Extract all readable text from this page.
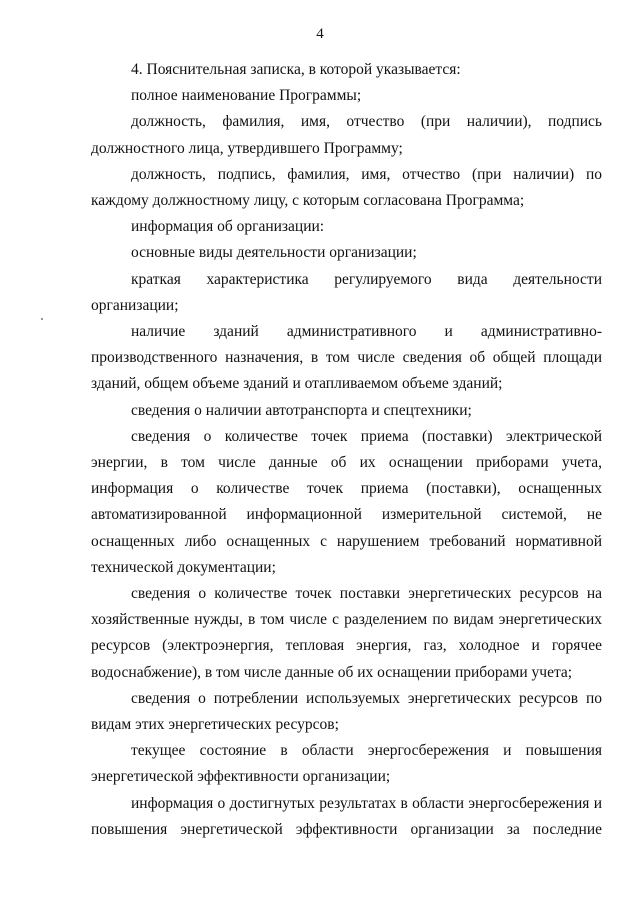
4

4. Пояснительная записка, в которой указывается:

полное наименование Программы;

должность, фамилия, имя, отчество (при наличии), подпись должностного лица, утвердившего Программу;

должность, подпись, фамилия, имя, отчество (при наличии) по каждому должностному лицу, с которым согласована Программа;

информация об организации:

основные виды деятельности организации;

краткая характеристика регулируемого вида деятельности организации;

наличие зданий административного и административно-производственного назначения, в том числе сведения об общей площади зданий, общем объеме зданий и отапливаемом объеме зданий;

сведения о наличии автотранспорта и спецтехники;

сведения о количестве точек приема (поставки) электрической энергии, в том числе данные об их оснащении приборами учета, информация о количестве точек приема (поставки), оснащенных автоматизированной информационной измерительной системой, не оснащенных либо оснащенных с нарушением требований нормативной технической документации;

сведения о количестве точек поставки энергетических ресурсов на хозяйственные нужды, в том числе с разделением по видам энергетических ресурсов (электроэнергия, тепловая энергия, газ, холодное и горячее водоснабжение), в том числе данные об их оснащении приборами учета;

сведения о потреблении используемых энергетических ресурсов по видам этих энергетических ресурсов;

текущее состояние в области энергосбережения и повышения энергетической эффективности организации;

информация о достигнутых результатах в области энергосбережения и повышения энергетической эффективности организации за последние
